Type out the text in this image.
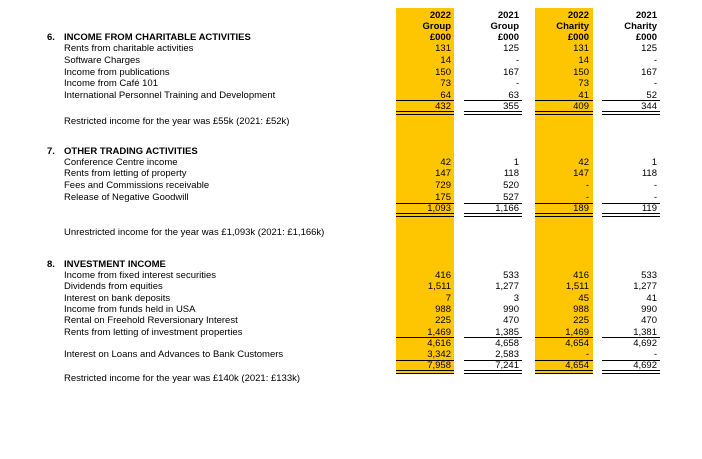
2022
Group
£000
2021
Group
£000
2022
Charity
£000
2021
Charity
£000
6. INCOME FROM CHARITABLE ACTIVITIES
Rents from charitable activities	131	125	131	125
Software Charges	14	-	14	-
Income from publications	150	167	150	167
Income from Café 101	73	-	73	-
International Personnel Training and Development	64	63	41	52
432	355	409	344
Restricted income for the year was £55k (2021: £52k)
7. OTHER TRADING ACTIVITIES
Conference Centre income	42	1	42	1
Rents from letting of property	147	118	147	118
Fees and Commissions receivable	729	520	-	-
Release of Negative Goodwill	175	527	-	-
1,093	1,166	189	119
Unrestricted income for the year was £1,093k (2021: £1,166k)
8. INVESTMENT INCOME
Income from fixed interest securities	416	533	416	533
Dividends from equities	1,511	1,277	1,511	1,277
Interest on bank deposits	7	3	45	41
Income from funds held in USA	988	990	988	990
Rental on Freehold Reversionary Interest	225	470	225	470
Rents from letting of investment properties	1,469	1,385	1,469	1,381
4,616	4,658	4,654	4,692
Interest on Loans and Advances to Bank Customers	3,342	2,583	-	-
7,958	7,241	4,654	4,692
Restricted income for the year was £140k (2021: £133k)
